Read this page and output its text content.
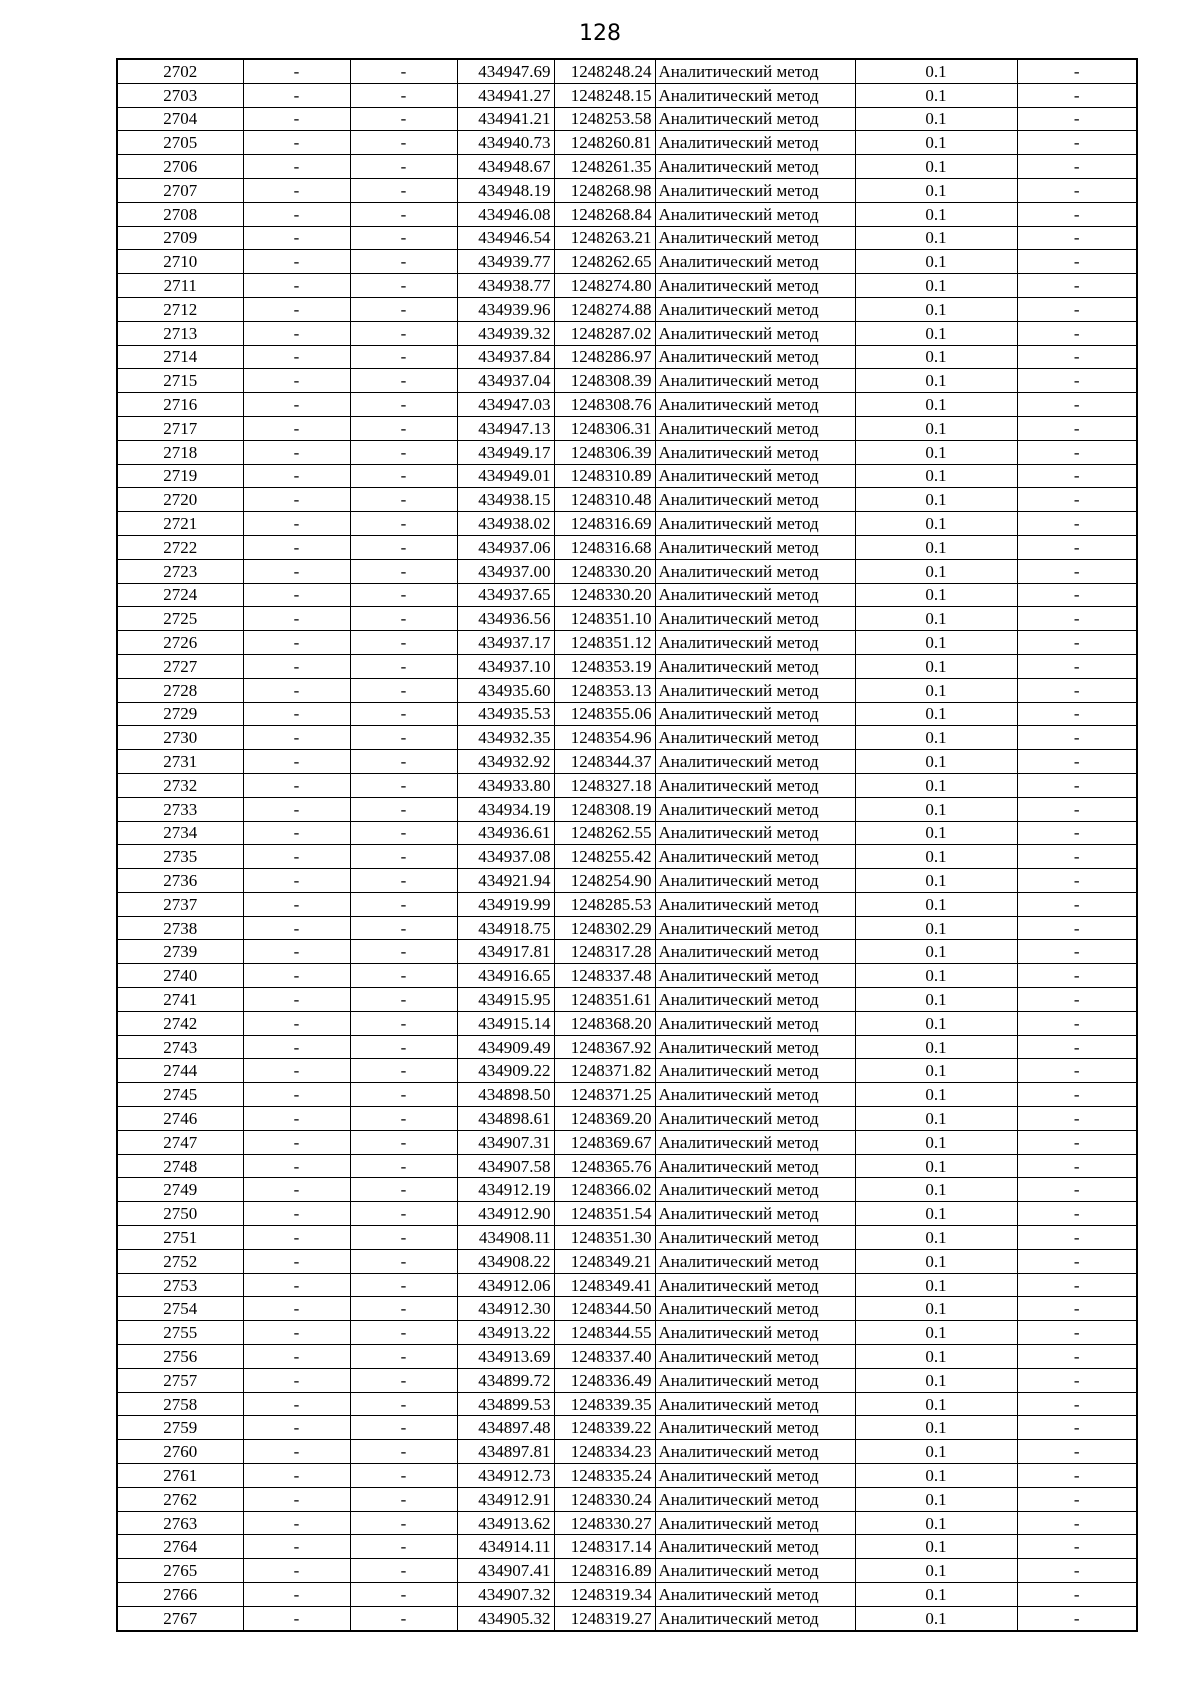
128
2702	-	-	434947.69	1248248.24	Аналитический метод	0.1	-
2703	-	-	434941.27	1248248.15	Аналитический метод	0.1	-
2704	-	-	434941.21	1248253.58	Аналитический метод	0.1	-
2705	-	-	434940.73	1248260.81	Аналитический метод	0.1	-
2706	-	-	434948.67	1248261.35	Аналитический метод	0.1	-
2707	-	-	434948.19	1248268.98	Аналитический метод	0.1	-
2708	-	-	434946.08	1248268.84	Аналитический метод	0.1	-
2709	-	-	434946.54	1248263.21	Аналитический метод	0.1	-
2710	-	-	434939.77	1248262.65	Аналитический метод	0.1	-
2711	-	-	434938.77	1248274.80	Аналитический метод	0.1	-
2712	-	-	434939.96	1248274.88	Аналитический метод	0.1	-
2713	-	-	434939.32	1248287.02	Аналитический метод	0.1	-
2714	-	-	434937.84	1248286.97	Аналитический метод	0.1	-
2715	-	-	434937.04	1248308.39	Аналитический метод	0.1	-
2716	-	-	434947.03	1248308.76	Аналитический метод	0.1	-
2717	-	-	434947.13	1248306.31	Аналитический метод	0.1	-
2718	-	-	434949.17	1248306.39	Аналитический метод	0.1	-
2719	-	-	434949.01	1248310.89	Аналитический метод	0.1	-
2720	-	-	434938.15	1248310.48	Аналитический метод	0.1	-
2721	-	-	434938.02	1248316.69	Аналитический метод	0.1	-
2722	-	-	434937.06	1248316.68	Аналитический метод	0.1	-
2723	-	-	434937.00	1248330.20	Аналитический метод	0.1	-
2724	-	-	434937.65	1248330.20	Аналитический метод	0.1	-
2725	-	-	434936.56	1248351.10	Аналитический метод	0.1	-
2726	-	-	434937.17	1248351.12	Аналитический метод	0.1	-
2727	-	-	434937.10	1248353.19	Аналитический метод	0.1	-
2728	-	-	434935.60	1248353.13	Аналитический метод	0.1	-
2729	-	-	434935.53	1248355.06	Аналитический метод	0.1	-
2730	-	-	434932.35	1248354.96	Аналитический метод	0.1	-
2731	-	-	434932.92	1248344.37	Аналитический метод	0.1	-
2732	-	-	434933.80	1248327.18	Аналитический метод	0.1	-
2733	-	-	434934.19	1248308.19	Аналитический метод	0.1	-
2734	-	-	434936.61	1248262.55	Аналитический метод	0.1	-
2735	-	-	434937.08	1248255.42	Аналитический метод	0.1	-
2736	-	-	434921.94	1248254.90	Аналитический метод	0.1	-
2737	-	-	434919.99	1248285.53	Аналитический метод	0.1	-
2738	-	-	434918.75	1248302.29	Аналитический метод	0.1	-
2739	-	-	434917.81	1248317.28	Аналитический метод	0.1	-
2740	-	-	434916.65	1248337.48	Аналитический метод	0.1	-
2741	-	-	434915.95	1248351.61	Аналитический метод	0.1	-
2742	-	-	434915.14	1248368.20	Аналитический метод	0.1	-
2743	-	-	434909.49	1248367.92	Аналитический метод	0.1	-
2744	-	-	434909.22	1248371.82	Аналитический метод	0.1	-
2745	-	-	434898.50	1248371.25	Аналитический метод	0.1	-
2746	-	-	434898.61	1248369.20	Аналитический метод	0.1	-
2747	-	-	434907.31	1248369.67	Аналитический метод	0.1	-
2748	-	-	434907.58	1248365.76	Аналитический метод	0.1	-
2749	-	-	434912.19	1248366.02	Аналитический метод	0.1	-
2750	-	-	434912.90	1248351.54	Аналитический метод	0.1	-
2751	-	-	434908.11	1248351.30	Аналитический метод	0.1	-
2752	-	-	434908.22	1248349.21	Аналитический метод	0.1	-
2753	-	-	434912.06	1248349.41	Аналитический метод	0.1	-
2754	-	-	434912.30	1248344.50	Аналитический метод	0.1	-
2755	-	-	434913.22	1248344.55	Аналитический метод	0.1	-
2756	-	-	434913.69	1248337.40	Аналитический метод	0.1	-
2757	-	-	434899.72	1248336.49	Аналитический метод	0.1	-
2758	-	-	434899.53	1248339.35	Аналитический метод	0.1	-
2759	-	-	434897.48	1248339.22	Аналитический метод	0.1	-
2760	-	-	434897.81	1248334.23	Аналитический метод	0.1	-
2761	-	-	434912.73	1248335.24	Аналитический метод	0.1	-
2762	-	-	434912.91	1248330.24	Аналитический метод	0.1	-
2763	-	-	434913.62	1248330.27	Аналитический метод	0.1	-
2764	-	-	434914.11	1248317.14	Аналитический метод	0.1	-
2765	-	-	434907.41	1248316.89	Аналитический метод	0.1	-
2766	-	-	434907.32	1248319.34	Аналитический метод	0.1	-
2767	-	-	434905.32	1248319.27	Аналитический метод	0.1	-
